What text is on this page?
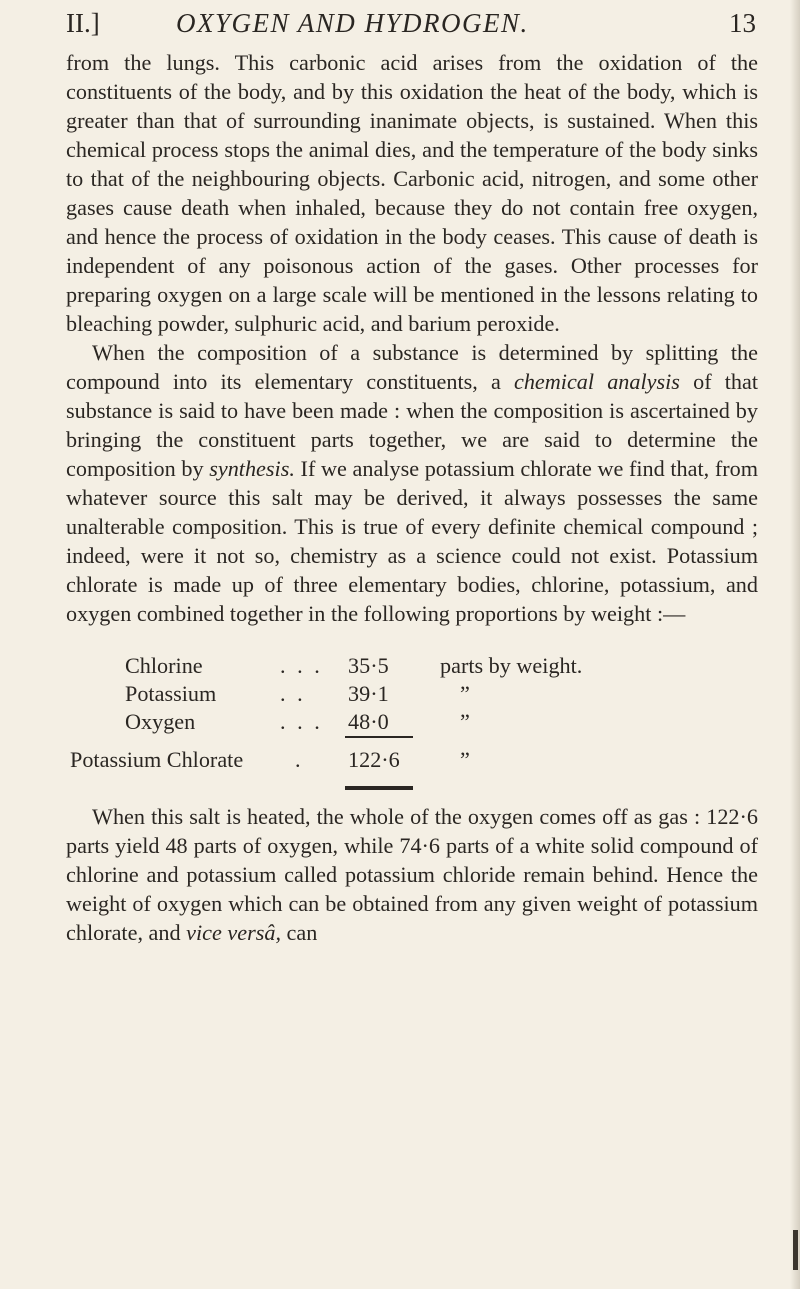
II.]	OXYGEN AND HYDROGEN.	13

from the lungs. This carbonic acid arises from the oxidation of the constituents of the body, and by this oxidation the heat of the body, which is greater than that of surrounding inanimate objects, is sustained. When this chemical process stops the animal dies, and the temperature of the body sinks to that of the neighbouring objects. Carbonic acid, nitrogen, and some other gases cause death when inhaled, because they do not contain free oxygen, and hence the process of oxidation in the body ceases. This cause of death is independent of any poisonous action of the gases. Other processes for preparing oxygen on a large scale will be mentioned in the lessons relating to bleaching powder, sulphuric acid, and barium peroxide.

When the composition of a substance is determined by splitting the compound into its elementary constituents, a chemical analysis of that substance is said to have been made : when the composition is ascertained by bringing the constituent parts together, we are said to determine the composition by synthesis. If we analyse potassium chlorate we find that, from whatever source this salt may be derived, it always possesses the same unalterable composition. This is true of every definite chemical compound ; indeed, were it not so, chemistry as a science could not exist. Potassium chlorate is made up of three elementary bodies, chlorine, potassium, and oxygen combined together in the following proportions by weight :—

Chlorine	. . . 35·5	parts by weight.
Potassium	. . 39·1	”
Oxygen	. . . 48·0	”
Potassium Chlorate . 122·6	”

When this salt is heated, the whole of the oxygen comes off as gas : 122·6 parts yield 48 parts of oxygen, while 74·6 parts of a white solid compound of chlorine and potassium called potassium chloride remain behind. Hence the weight of oxygen which can be obtained from any given weight of potassium chlorate, and vice versâ, can
